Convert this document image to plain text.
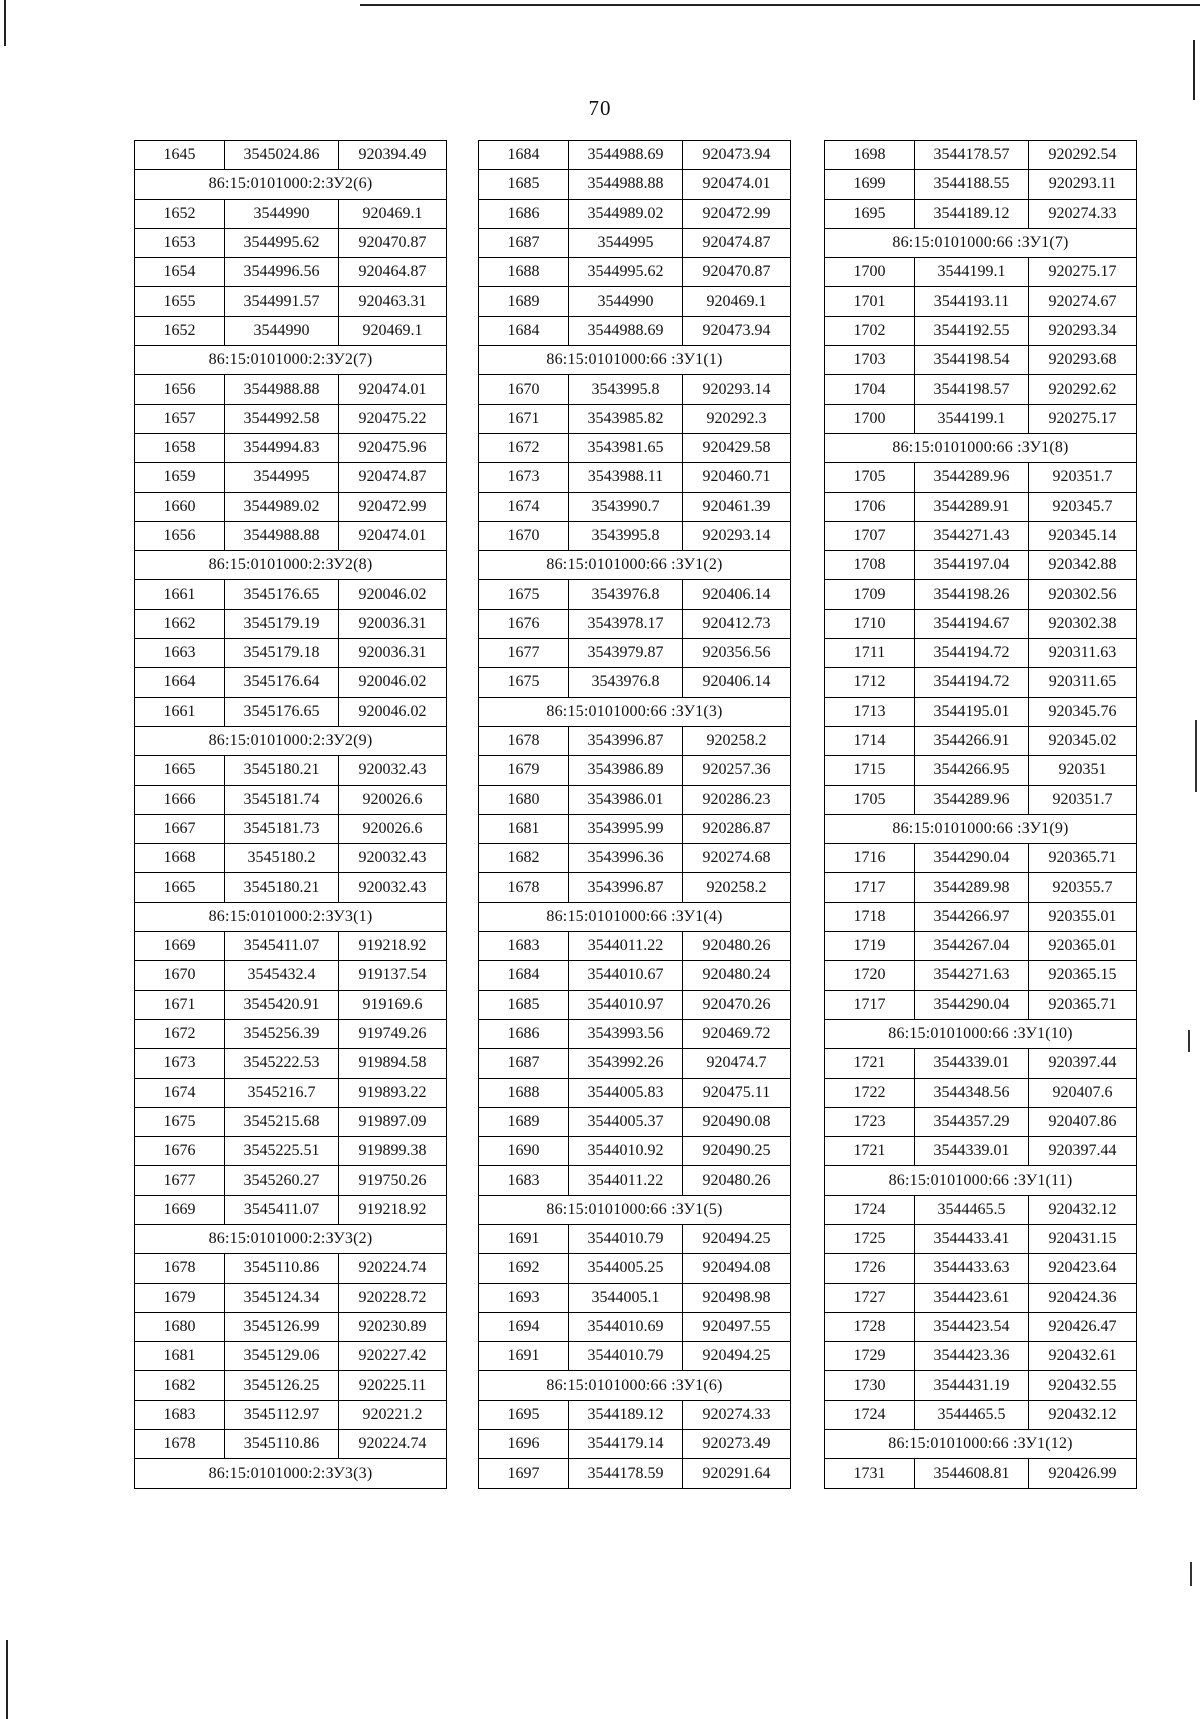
70
1645	3545024.86	920394.49
86:15:0101000:2:ЗУ2(6)		
1652	3544990	920469.1
1653	3544995.62	920470.87
1654	3544996.56	920464.87
1655	3544991.57	920463.31
1652	3544990	920469.1
86:15:0101000:2:ЗУ2(7)		
1656	3544988.88	920474.01
1657	3544992.58	920475.22
1658	3544994.83	920475.96
1659	3544995	920474.87
1660	3544989.02	920472.99
1656	3544988.88	920474.01
86:15:0101000:2:ЗУ2(8)		
1661	3545176.65	920046.02
1662	3545179.19	920036.31
1663	3545179.18	920036.31
1664	3545176.64	920046.02
1661	3545176.65	920046.02
86:15:0101000:2:ЗУ2(9)		
1665	3545180.21	920032.43
1666	3545181.74	920026.6
1667	3545181.73	920026.6
1668	3545180.2	920032.43
1665	3545180.21	920032.43
86:15:0101000:2:ЗУ3(1)		
1669	3545411.07	919218.92
1670	3545432.4	919137.54
1671	3545420.91	919169.6
1672	3545256.39	919749.26
1673	3545222.53	919894.58
1674	3545216.7	919893.22
1675	3545215.68	919897.09
1676	3545225.51	919899.38
1677	3545260.27	919750.26
1669	3545411.07	919218.92
86:15:0101000:2:ЗУ3(2)		
1678	3545110.86	920224.74
1679	3545124.34	920228.72
1680	3545126.99	920230.89
1681	3545129.06	920227.42
1682	3545126.25	920225.11
1683	3545112.97	920221.2
1678	3545110.86	920224.74
86:15:0101000:2:ЗУ3(3)		
1684	3544988.69	920473.94
1685	3544988.88	920474.01
1686	3544989.02	920472.99
1687	3544995	920474.87
1688	3544995.62	920470.87
1689	3544990	920469.1
1684	3544988.69	920473.94
86:15:0101000:66 :ЗУ1(1)		
1670	3543995.8	920293.14
1671	3543985.82	920292.3
1672	3543981.65	920429.58
1673	3543988.11	920460.71
1674	3543990.7	920461.39
1670	3543995.8	920293.14
86:15:0101000:66 :ЗУ1(2)		
1675	3543976.8	920406.14
1676	3543978.17	920412.73
1677	3543979.87	920356.56
1675	3543976.8	920406.14
86:15:0101000:66 :ЗУ1(3)		
1678	3543996.87	920258.2
1679	3543986.89	920257.36
1680	3543986.01	920286.23
1681	3543995.99	920286.87
1682	3543996.36	920274.68
1678	3543996.87	920258.2
86:15:0101000:66 :ЗУ1(4)		
1683	3544011.22	920480.26
1684	3544010.67	920480.24
1685	3544010.97	920470.26
1686	3543993.56	920469.72
1687	3543992.26	920474.7
1688	3544005.83	920475.11
1689	3544005.37	920490.08
1690	3544010.92	920490.25
1683	3544011.22	920480.26
86:15:0101000:66 :ЗУ1(5)		
1691	3544010.79	920494.25
1692	3544005.25	920494.08
1693	3544005.1	920498.98
1694	3544010.69	920497.55
1691	3544010.79	920494.25
86:15:0101000:66 :ЗУ1(6)		
1695	3544189.12	920274.33
1696	3544179.14	920273.49
1697	3544178.59	920291.64
1698	3544178.57	920292.54
1699	3544188.55	920293.11
1695	3544189.12	920274.33
86:15:0101000:66 :ЗУ1(7)		
1700	3544199.1	920275.17
1701	3544193.11	920274.67
1702	3544192.55	920293.34
1703	3544198.54	920293.68
1704	3544198.57	920292.62
1700	3544199.1	920275.17
86:15:0101000:66 :ЗУ1(8)		
1705	3544289.96	920351.7
1706	3544289.91	920345.7
1707	3544271.43	920345.14
1708	3544197.04	920342.88
1709	3544198.26	920302.56
1710	3544194.67	920302.38
1711	3544194.72	920311.63
1712	3544194.72	920311.65
1713	3544195.01	920345.76
1714	3544266.91	920345.02
1715	3544266.95	920351
1705	3544289.96	920351.7
86:15:0101000:66 :ЗУ1(9)		
1716	3544290.04	920365.71
1717	3544289.98	920355.7
1718	3544266.97	920355.01
1719	3544267.04	920365.01
1720	3544271.63	920365.15
1717	3544290.04	920365.71
86:15:0101000:66 :ЗУ1(10)		
1721	3544339.01	920397.44
1722	3544348.56	920407.6
1723	3544357.29	920407.86
1721	3544339.01	920397.44
86:15:0101000:66 :ЗУ1(11)		
1724	3544465.5	920432.12
1725	3544433.41	920431.15
1726	3544433.63	920423.64
1727	3544423.61	920424.36
1728	3544423.54	920426.47
1729	3544423.36	920432.61
1730	3544431.19	920432.55
1724	3544465.5	920432.12
86:15:0101000:66 :ЗУ1(12)		
1731	3544608.81	920426.99
